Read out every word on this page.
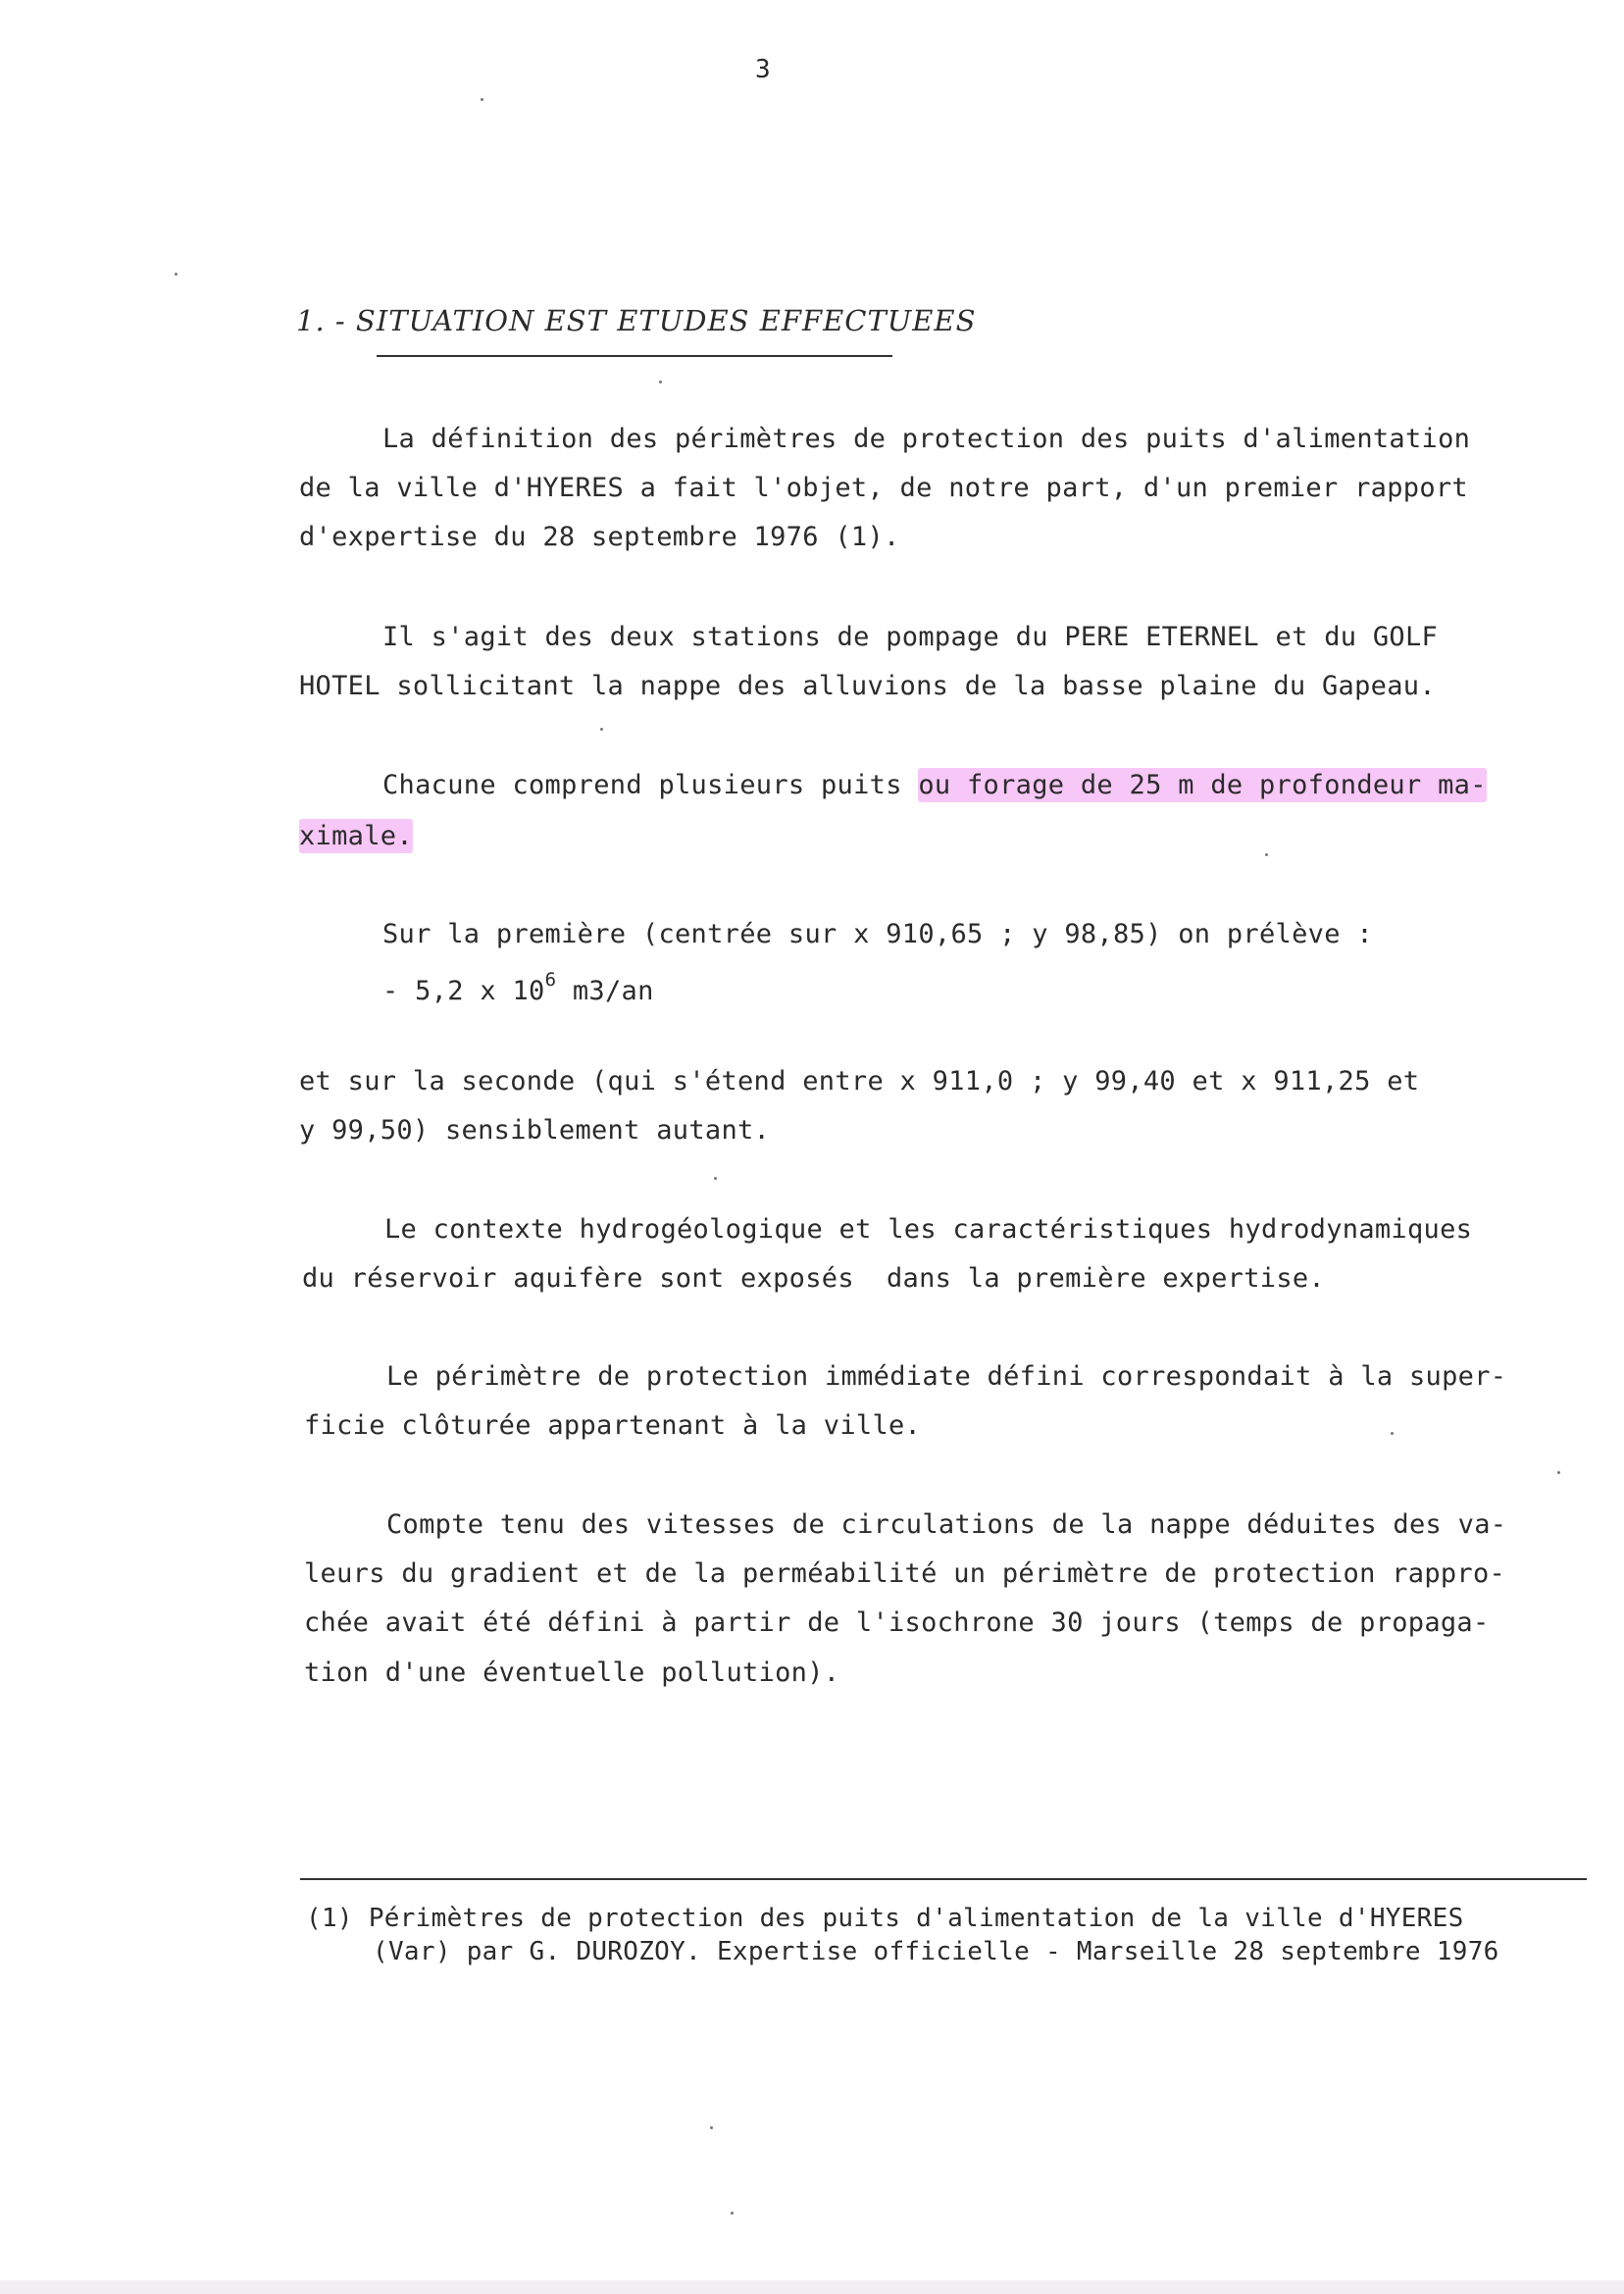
3
1. - SITUATION EST ETUDES EFFECTUEES
La définition des périmètres de protection des puits d'alimentation
de la ville d'HYERES a fait l'objet, de notre part, d'un premier rapport
d'expertise du 28 septembre 1976 (1).
Il s'agit des deux stations de pompage du PERE ETERNEL et du GOLF
HOTEL sollicitant la nappe des alluvions de la basse plaine du Gapeau.
Chacune comprend plusieurs puits ou forage de 25 m de profondeur ma-
ximale.
Sur la première (centrée sur x 910,65 ; y 98,85) on prélève :
- 5,2 x $10^6$ m3/an
et sur la seconde (qui s'étend entre x 911,0 ; y 99,40 et x 911,25 et
y 99,50) sensiblement autant.
Le contexte hydrogéologique et les caractéristiques hydrodynamiques
du réservoir aquifère sont exposés  dans la première expertise.
Le périmètre de protection immédiate défini correspondait à la super-
ficie clôturée appartenant à la ville.
Compte tenu des vitesses de circulations de la nappe déduites des va-
leurs du gradient et de la perméabilité un périmètre de protection rappro-
chée avait été défini à partir de l'isochrone 30 jours (temps de propaga-
tion d'une éventuelle pollution).
(1) Périmètres de protection des puits d'alimentation de la ville d'HYERES
(Var) par G. DUROZOY. Expertise officielle - Marseille 28 septembre 1976
